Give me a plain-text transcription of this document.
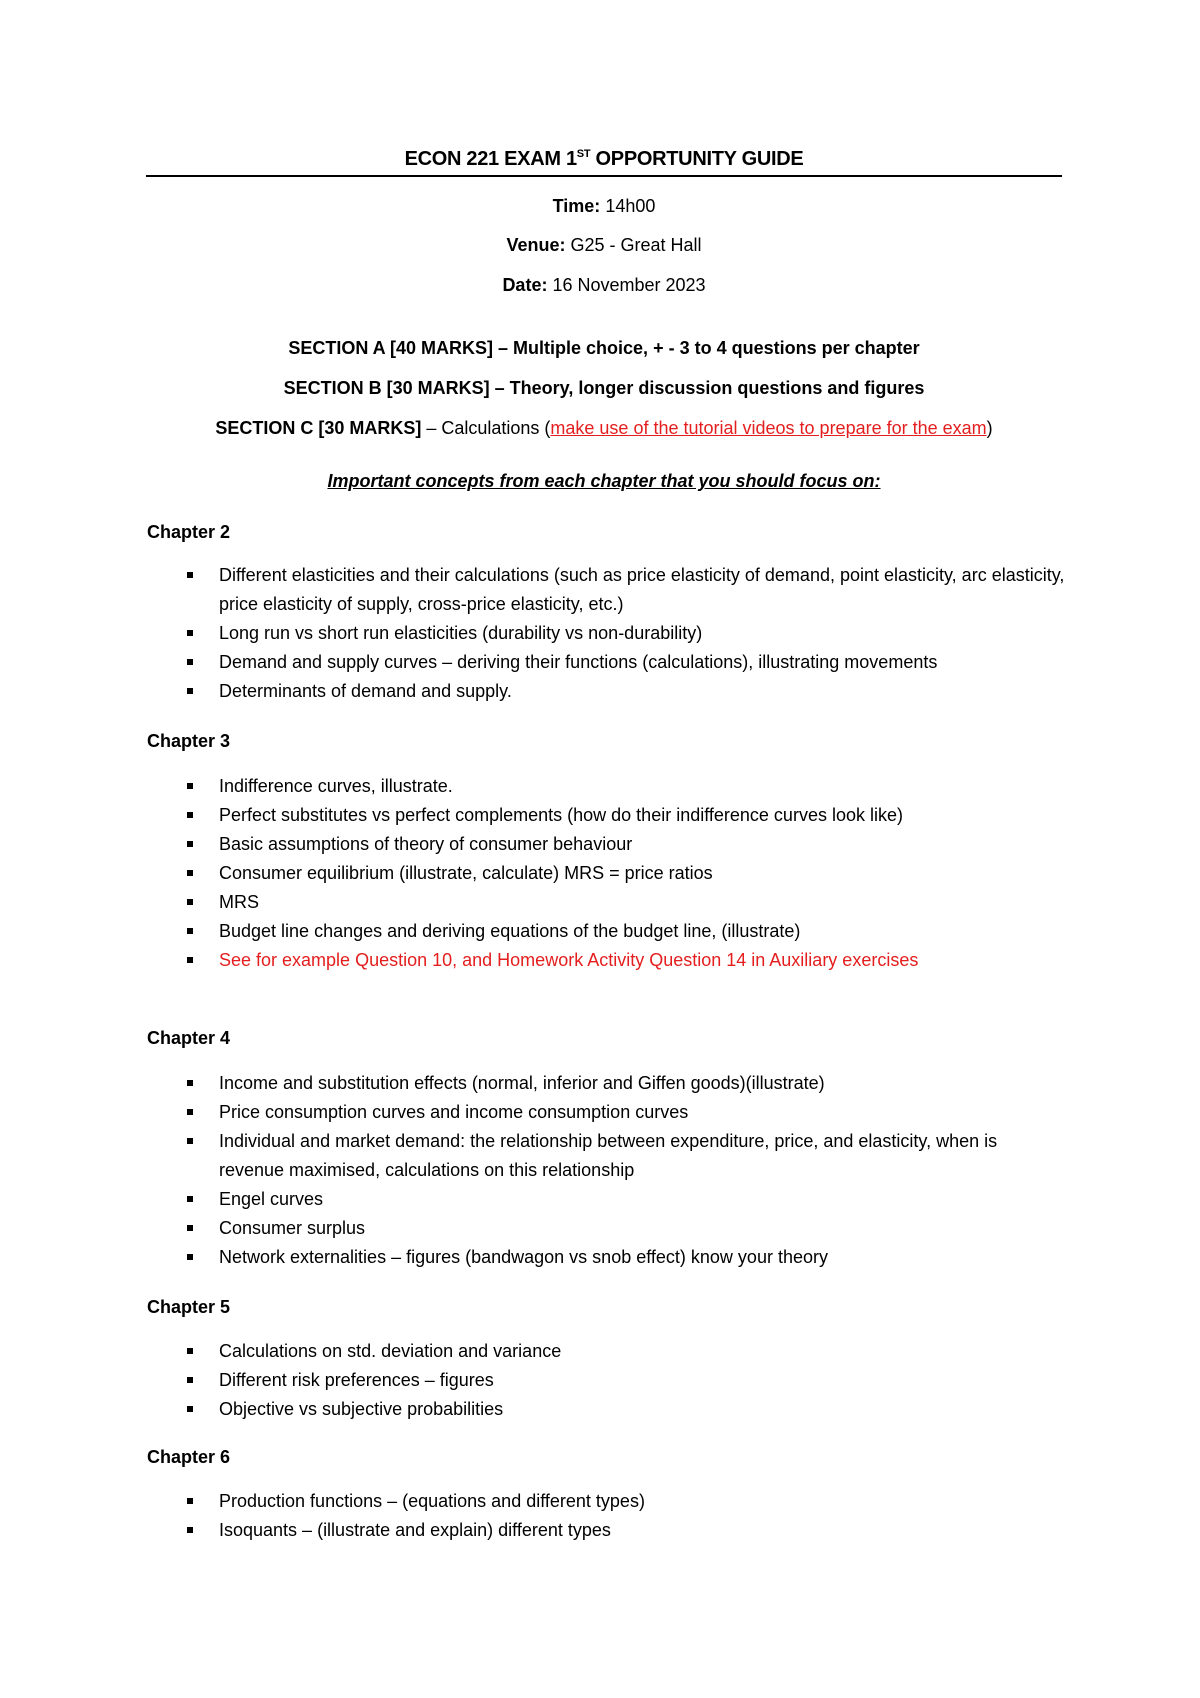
ECON 221 EXAM 1ST OPPORTUNITY GUIDE
Time: 14h00
Venue: G25 - Great Hall
Date: 16 November 2023
SECTION A [40 MARKS] – Multiple choice, + - 3 to 4 questions per chapter
SECTION B [30 MARKS] – Theory, longer discussion questions and figures
SECTION C [30 MARKS] – Calculations (make use of the tutorial videos to prepare for the exam)
Important concepts from each chapter that you should focus on:
Chapter 2
Different elasticities and their calculations (such as price elasticity of demand, point elasticity, arc elasticity, price elasticity of supply, cross-price elasticity, etc.)
Long run vs short run elasticities (durability vs non-durability)
Demand and supply curves – deriving their functions (calculations), illustrating movements
Determinants of demand and supply.
Chapter 3
Indifference curves, illustrate.
Perfect substitutes vs perfect complements (how do their indifference curves look like)
Basic assumptions of theory of consumer behaviour
Consumer equilibrium (illustrate, calculate) MRS = price ratios
MRS
Budget line changes and deriving equations of the budget line, (illustrate)
See for example Question 10, and Homework Activity Question 14 in Auxiliary exercises
Chapter 4
Income and substitution effects (normal, inferior and Giffen goods)(illustrate)
Price consumption curves and income consumption curves
Individual and market demand: the relationship between expenditure, price, and elasticity, when is revenue maximised, calculations on this relationship
Engel curves
Consumer surplus
Network externalities – figures (bandwagon vs snob effect) know your theory
Chapter 5
Calculations on std. deviation and variance
Different risk preferences – figures
Objective vs subjective probabilities
Chapter 6
Production functions – (equations and different types)
Isoquants – (illustrate and explain) different types
